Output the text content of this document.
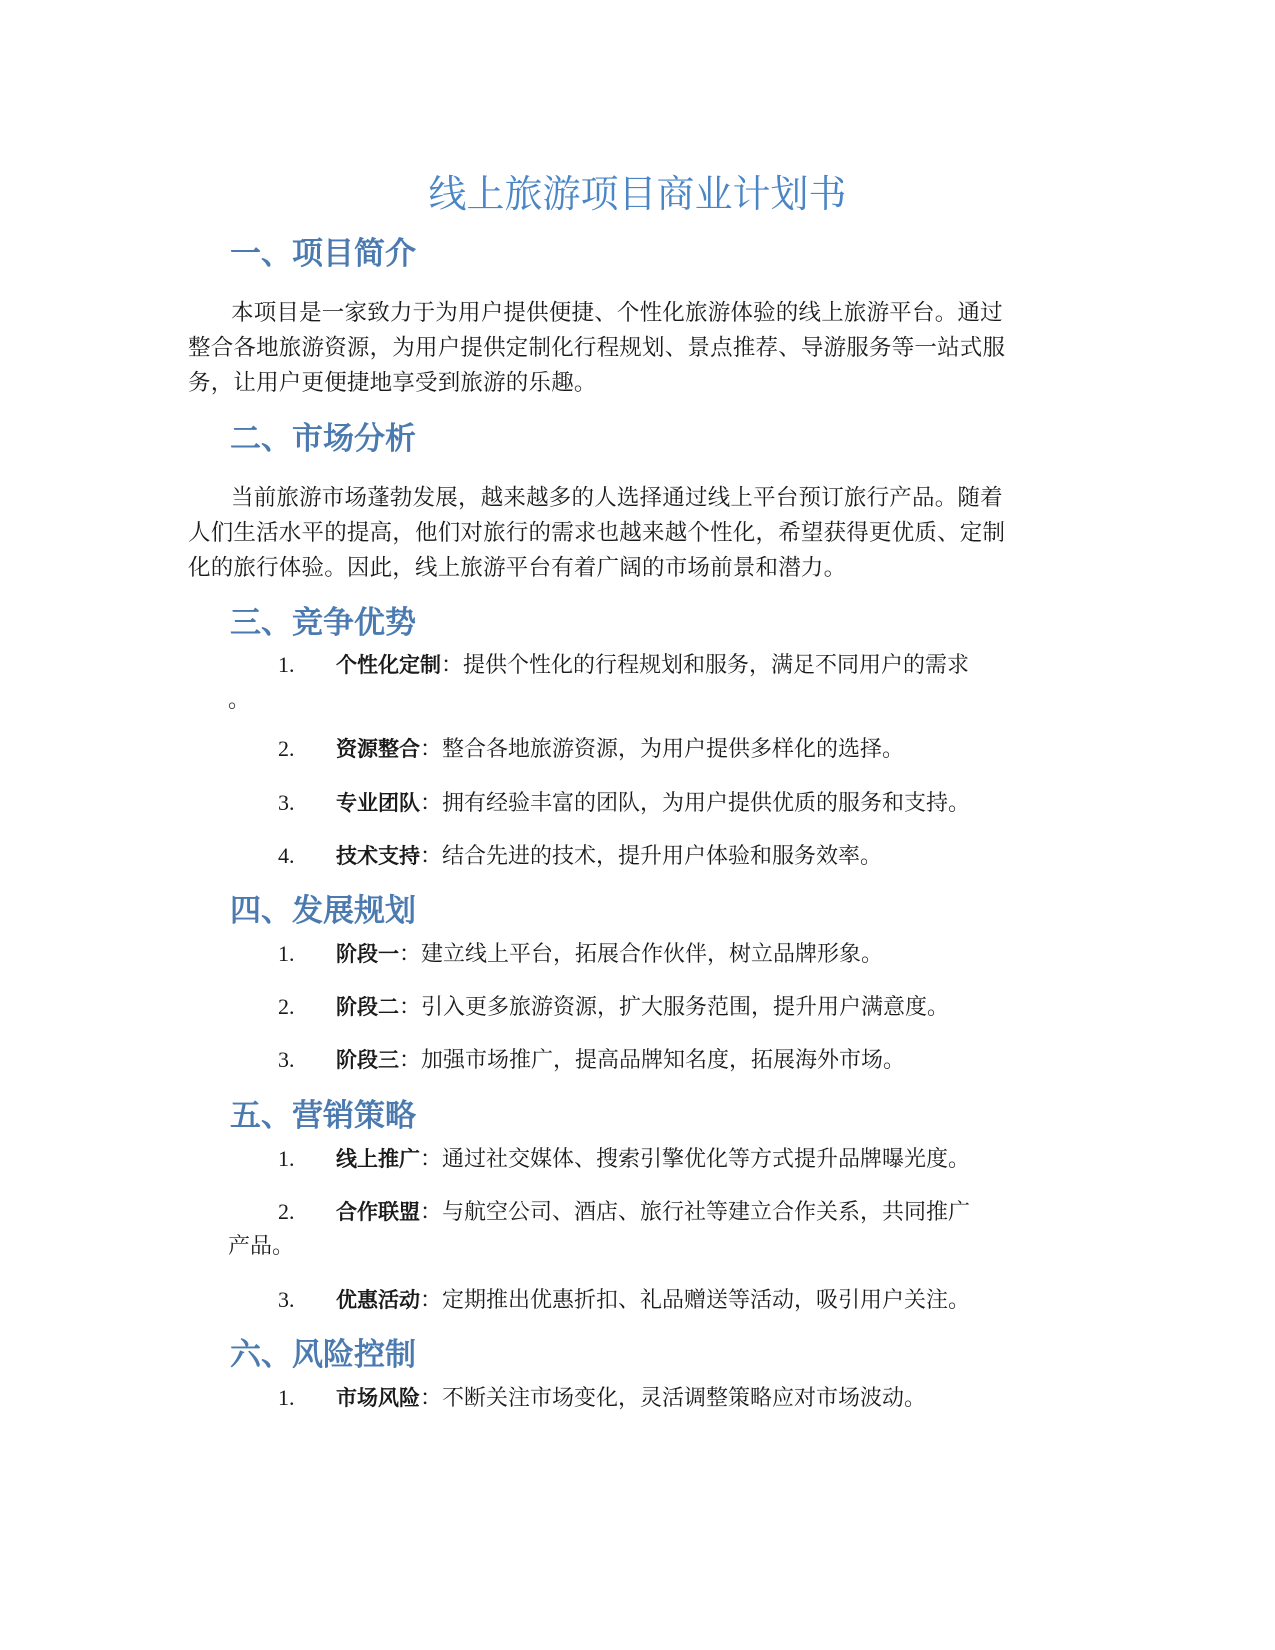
线上旅游项目商业计划书
一、项目简介

本项目是一家致力于为用户提供便捷、个性化旅游体验的线上旅游平台。通过

整合各地旅游资源，为用户提供定制化行程规划、景点推荐、导游服务等一站式服

务，让用户更便捷地享受到旅游的乐趣。

二、市场分析

当前旅游市场蓬勃发展，越来越多的人选择通过线上平台预订旅行产品。随着

人们生活水平的提高，他们对旅行的需求也越来越个性化，希望获得更优质、定制

化的旅行体验。因此，线上旅游平台有着广阔的市场前景和潜力。

三、竞争优势
1. 个性化定制：提供个性化的行程规划和服务，满足不同用户的需求

。

2. 资源整合：整合各地旅游资源，为用户提供多样化的选择。
3. 专业团队：拥有经验丰富的团队，为用户提供优质的服务和支持。
4. 技术支持：结合先进的技术，提升用户体验和服务效率。
四、发展规划
1. 阶段一：建立线上平台，拓展合作伙伴，树立品牌形象。
2. 阶段二：引入更多旅游资源，扩大服务范围，提升用户满意度。
3. 阶段三：加强市场推广，提高品牌知名度，拓展海外市场。
五、营销策略
1. 线上推广：通过社交媒体、搜索引擎优化等方式提升品牌曝光度。
2. 合作联盟：与航空公司、酒店、旅行社等建立合作关系，共同推广

产品。

3. 优惠活动：定期推出优惠折扣、礼品赠送等活动，吸引用户关注。
六、风险控制
1. 市场风险：不断关注市场变化，灵活调整策略应对市场波动。
